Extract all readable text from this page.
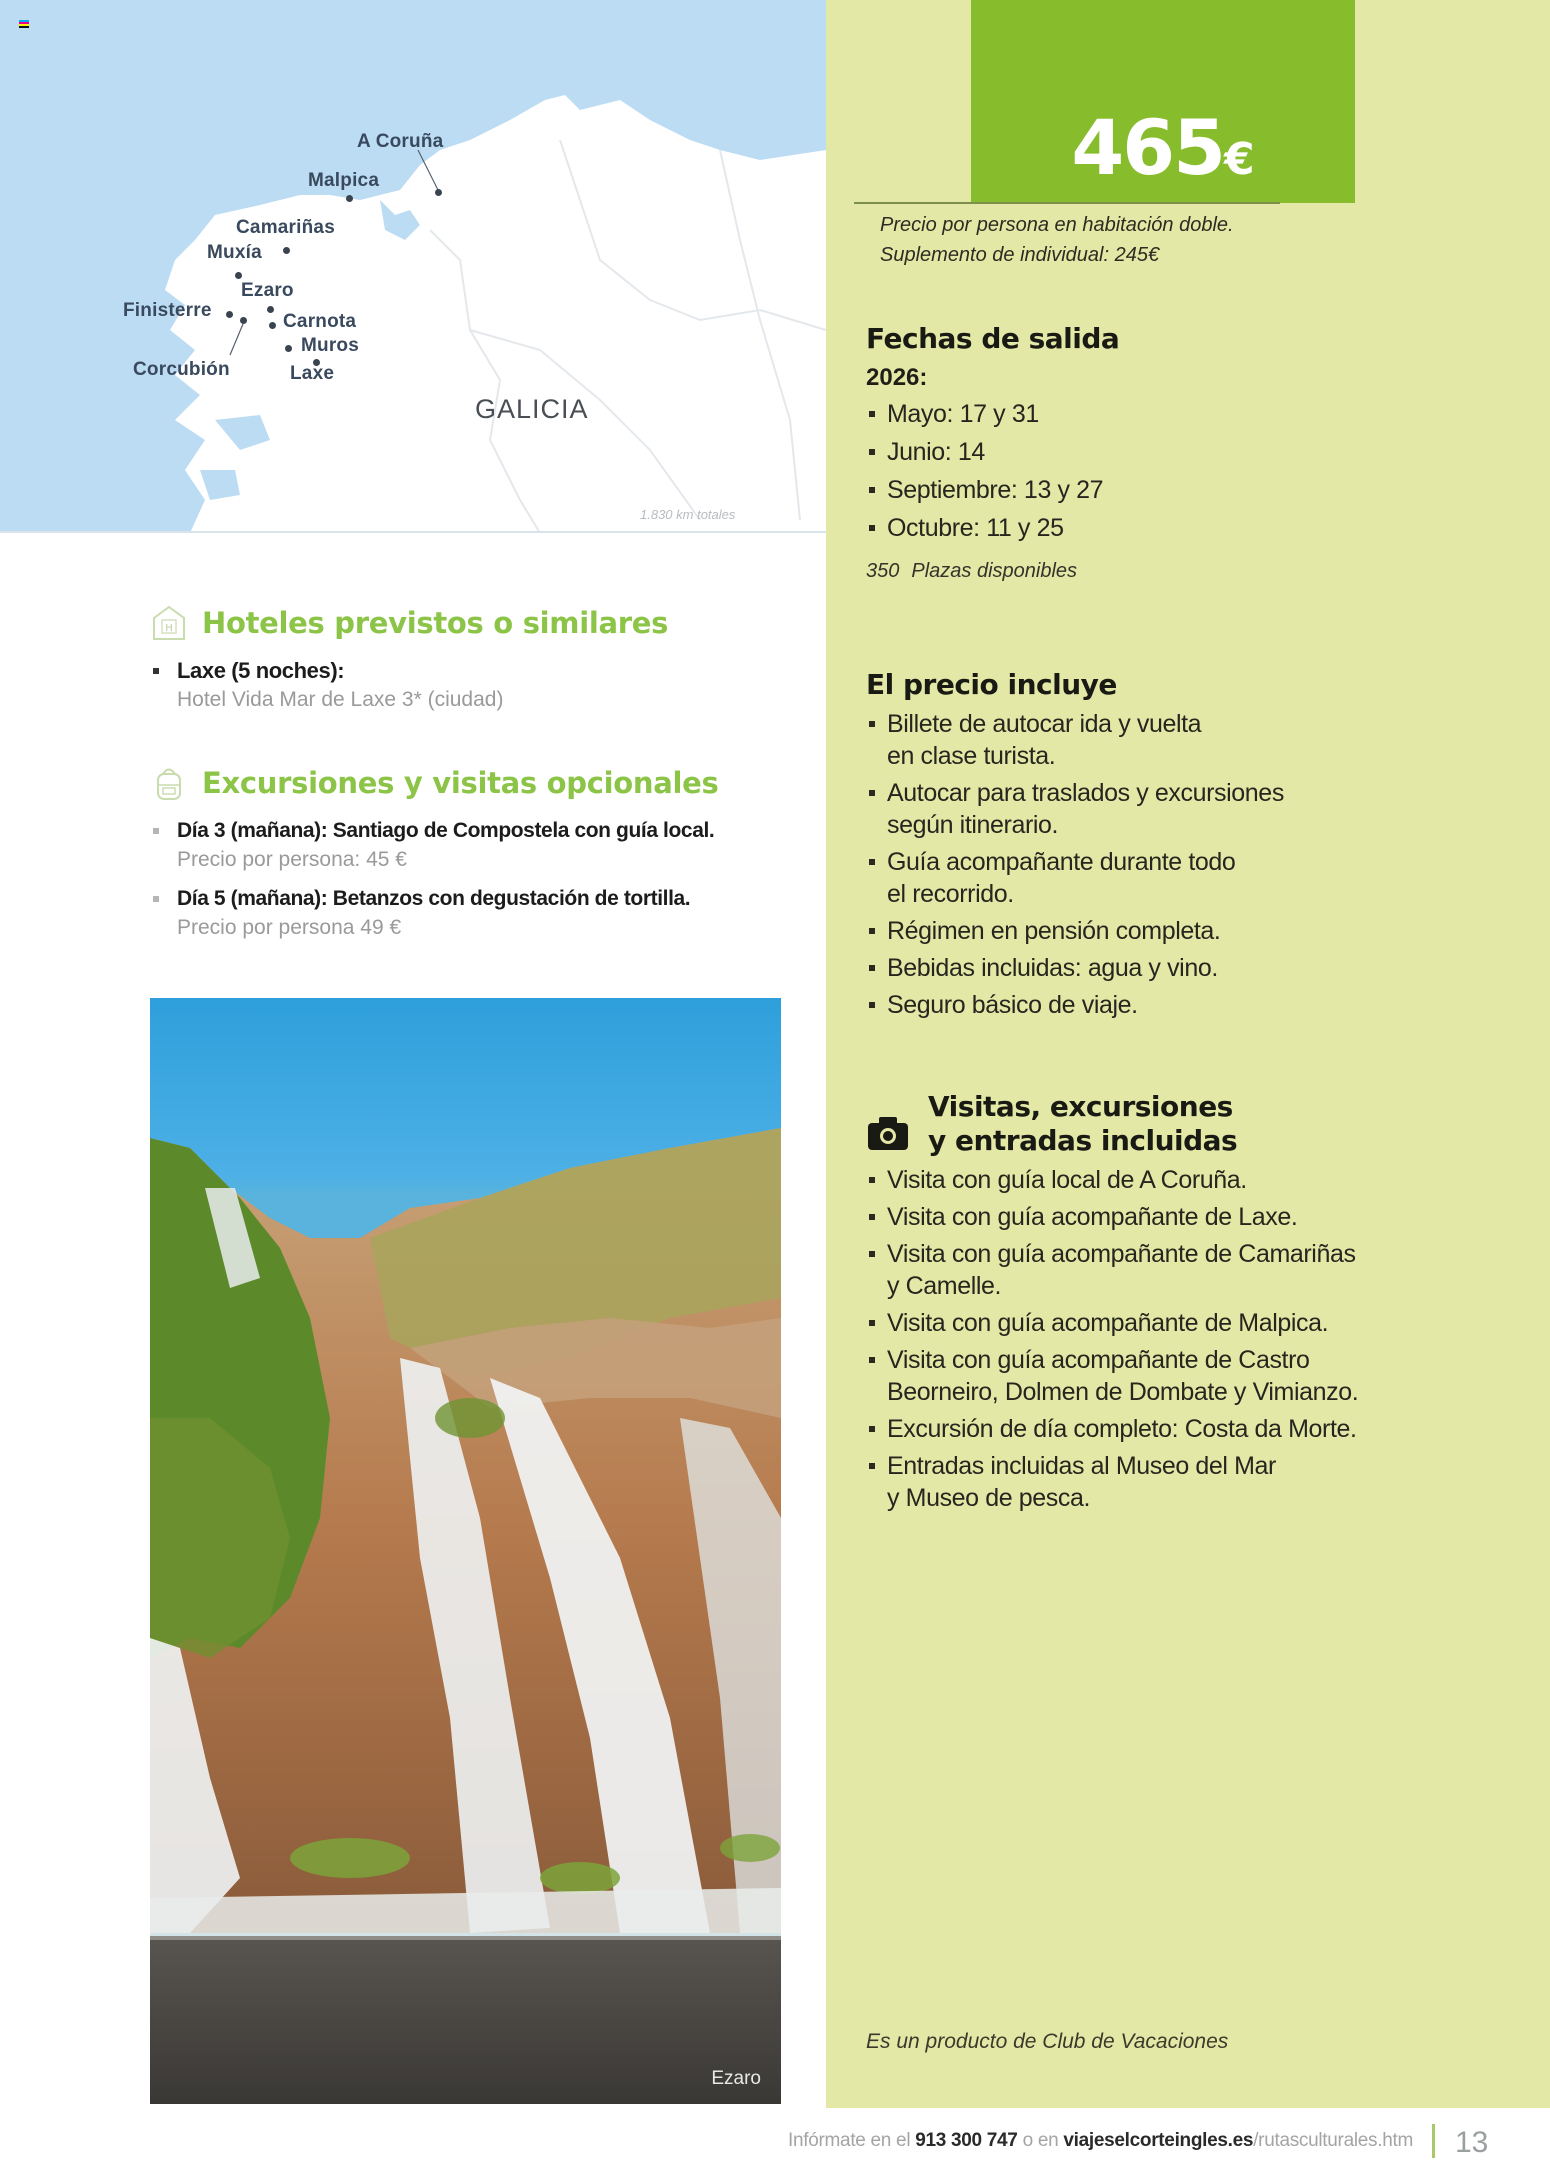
A Coruña
Malpica
Camariñas
Muxía
Ezaro
Finisterre
Carnota
Muros
Laxe
Corcubión
GALICIA
1.830 km totales
H Hoteles previstos o similares
Laxe (5 noches):
Hotel Vida Mar de Laxe 3* (ciudad)
Excursiones y visitas opcionales
Día 3 (mañana): Santiago de Compostela con guía local.
Precio por persona: 45 €
Día 5 (mañana): Betanzos con degustación de tortilla.
Precio por persona 49 €
Ezaro
465€
Precio por persona en habitación doble.
Suplemento de individual: 245€
Fechas de salida
2026:
Mayo: 17 y 31
Junio: 14
Septiembre: 13 y 27
Octubre: 11 y 25
350 Plazas disponibles
El precio incluye
Billete de autocar ida y vuelta
en clase turista.
Autocar para traslados y excursiones
según itinerario.
Guía acompañante durante todo
el recorrido.
Régimen en pensión completa.
Bebidas incluidas: agua y vino.
Seguro básico de viaje.
Visitas, excursiones
y entradas incluidas
Visita con guía local de A Coruña.
Visita con guía acompañante de Laxe.
Visita con guía acompañante de Camariñas
y Camelle.
Visita con guía acompañante de Malpica.
Visita con guía acompañante de Castro
Beorneiro, Dolmen de Dombate y Vimianzo.
Excursión de día completo: Costa da Morte.
Entradas incluidas al Museo del Mar
y Museo de pesca.
Es un producto de Club de Vacaciones
Infórmate en el 913 300 747 o en viajeselcorteingles.es/rutasculturales.htm 13
